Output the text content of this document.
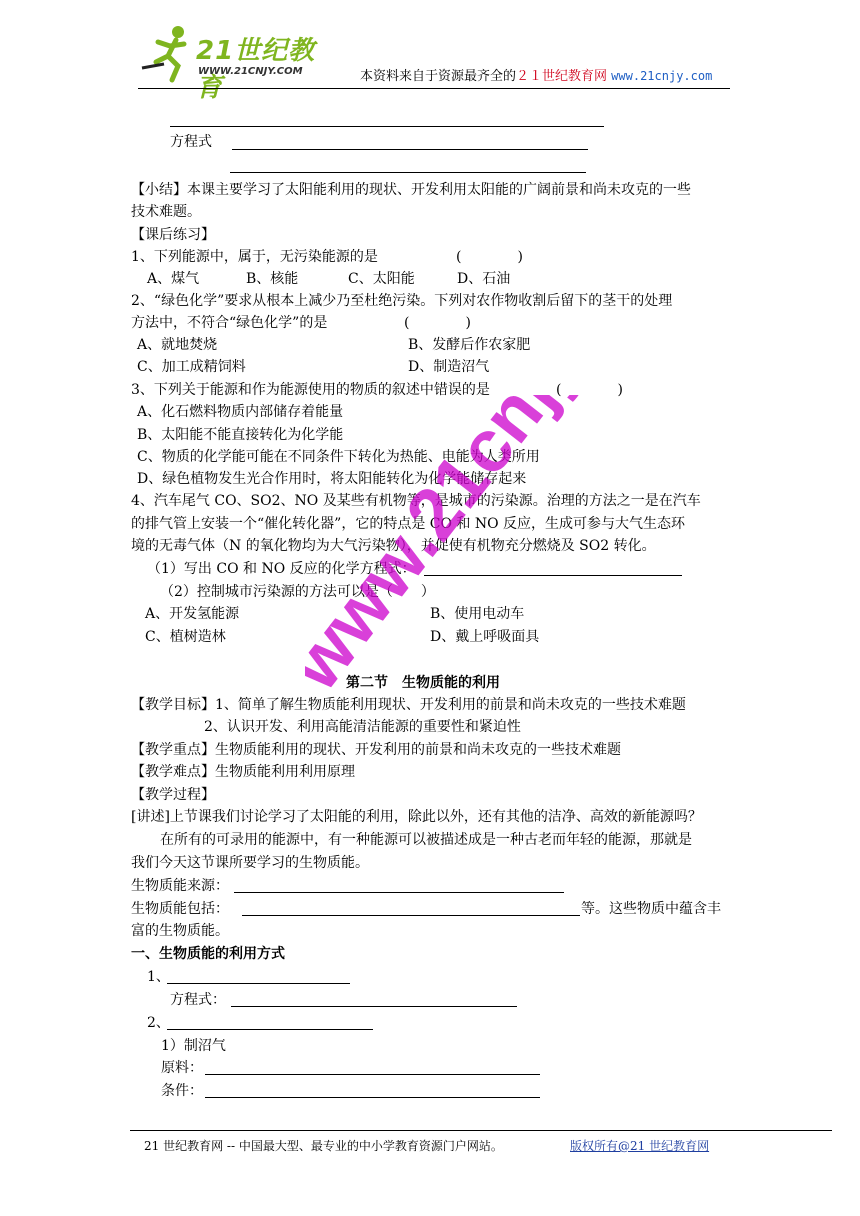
21世纪教育
WWW.21CNJY.COM	本资料来自于资源最齐全的２１世纪教育网 www.21cnjy.com
方程式
【小结】本课主要学习了太阳能利用的现状、开发利用太阳能的广阔前景和尚未攻克的一些
技术难题。
【课后练习】
1、下列能源中，属于，无污染能源的是	(　　　　)
A、煤气	B、核能	C、太阳能	D、石油
2、“绿色化学”要求从根本上减少乃至杜绝污染。下列对农作物收割后留下的茎干的处理
方法中，不符合“绿色化学”的是	(　　　　)
A、就地焚烧	B、发酵后作农家肥
C、加工成精饲料	D、制造沼气
3、下列关于能源和作为能源使用的物质的叙述中错误的是	(　　　　)
A、化石燃料物质内部储存着能量
B、太阳能不能直接转化为化学能
C、物质的化学能可能在不同条件下转化为热能、电能为人类所用
D、绿色植物发生光合作用时，将太阳能转化为化学能储存起来
4、汽车尾气 CO、SO2、NO 及某些有机物等，是城市的污染源。治理的方法之一是在汽车
的排气管上安装一个“催化转化器”，它的特点是 CO 和 NO 反应，生成可参与大气生态环
境的无毒气体（N 的氧化物均为大气污染物），并促使有机物充分燃烧及 SO2 转化。
（1）写出 CO 和 NO 反应的化学方程式：
（2）控制城市污染源的方法可以是（　　）
A、开发氢能源	B、使用电动车
C、植树造林	D、戴上呼吸面具
第二节　生物质能的利用
【教学目标】1、简单了解生物质能利用现状、开发利用的前景和尚未攻克的一些技术难题
2、认识开发、利用高能清洁能源的重要性和紧迫性
【教学重点】生物质能利用的现状、开发利用的前景和尚未攻克的一些技术难题
【教学难点】生物质能利用利用原理
【教学过程】
[讲述]上节课我们讨论学习了太阳能的利用，除此以外，还有其他的洁净、高效的新能源吗？
在所有的可录用的能源中，有一种能源可以被描述成是一种古老而年轻的能源，那就是
我们今天这节课所要学习的生物质能。
生物质能来源：
生物质能包括：	等。这些物质中蕴含丰
富的生物质能。
一、生物质能的利用方式
1、
方程式：
2、
1）制沼气
原料：
条件：
21 世纪教育网 -- 中国最大型、最专业的中小学教育资源门户网站。	版权所有@21 世纪教育网
www.21cnjy.com
